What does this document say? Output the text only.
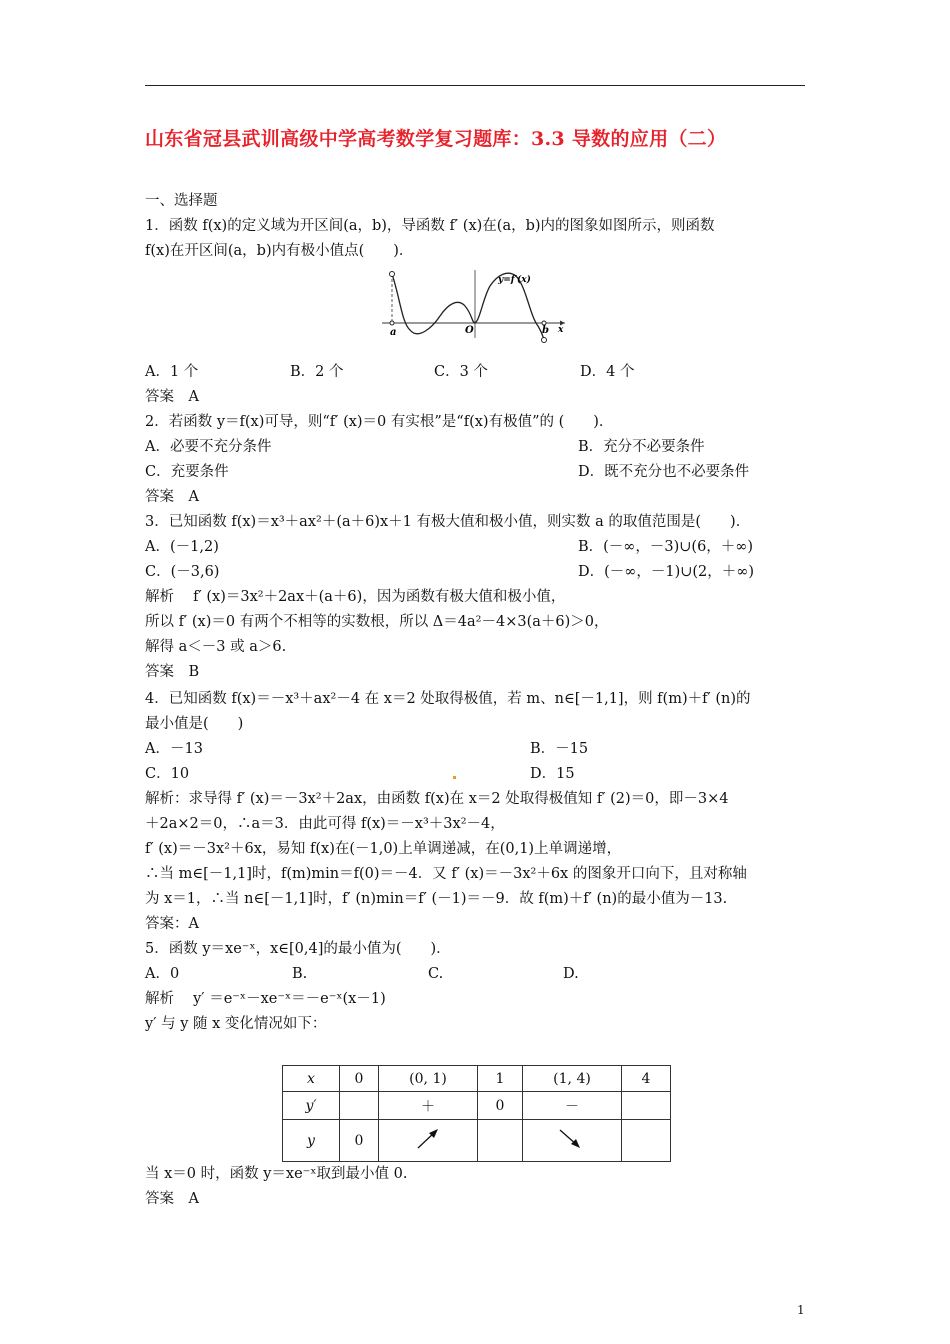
山东省冠县武训高级中学高考数学复习题库：3.3 导数的应用（二）
一、选择题
1．函数 f(x)的定义域为开区间(a，b)，导函数 f′ (x)在(a，b)内的图象如图所示，则函数
f(x)在开区间(a，b)内有极小值点(　　)．
a	O	b x
y=f′(x)
A．1 个	B．2 个	C．3 个	D．4 个
答案　A
2．若函数 y＝f(x)可导，则“f′ (x)＝0 有实根”是“f(x)有极值”的 (　　)．
A．必要不充分条件	B．充分不必要条件
C．充要条件	D．既不充分也不必要条件
答案　A
3．已知函数 f(x)＝x³＋ax²＋(a＋6)x＋1 有极大值和极小值，则实数 a 的取值范围是(　　)．
A．(－1,2)	B．(－∞，－3)∪(6，＋∞)
C．(－3,6)	D．(－∞，－1)∪(2，＋∞)
解析　 f′ (x)＝3x²＋2ax＋(a＋6)，因为函数有极大值和极小值，
所以 f′ (x)＝0 有两个不相等的实数根，所以 Δ＝4a²－4×3(a＋6)＞0，
解得 a＜－3 或 a＞6.
答案　B
4．已知函数 f(x)＝－x³＋ax²－4 在 x＝2 处取得极值，若 m、n∈[－1,1]，则 f(m)＋f′ (n)的
最小值是(　　)
A．－13	B．－15
C．10	D．15
解析：求导得 f′ (x)＝－3x²＋2ax，由函数 f(x)在 x＝2 处取得极值知 f′ (2)＝0，即－3×4
＋2a×2＝0，∴a＝3．由此可得 f(x)＝－x³＋3x²－4，
f′ (x)＝－3x²＋6x，易知 f(x)在(－1,0)上单调递减，在(0,1)上单调递增，
∴当 m∈[－1,1]时，f(m)min＝f(0)＝－4．又 f′ (x)＝－3x²＋6x 的图象开口向下，且对称轴
为 x＝1，∴当 n∈[－1,1]时，f′ (n)min＝f′ (－1)＝－9．故 f(m)＋f′ (n)的最小值为－13.
答案：A
5．函数 y＝xe⁻ˣ，x∈[0,4]的最小值为(　　)．
A．0	B.	C.	D.
解析　 y′ ＝e⁻ˣ－xe⁻ˣ＝－e⁻ˣ(x－1)
y′ 与 y 随 x 变化情况如下：
x	0	(0, 1)	1	(1, 4)	4
y′		＋	0	－	
y	0				
当 x＝0 时，函数 y＝xe⁻ˣ取到最小值 0.
答案　A
1
